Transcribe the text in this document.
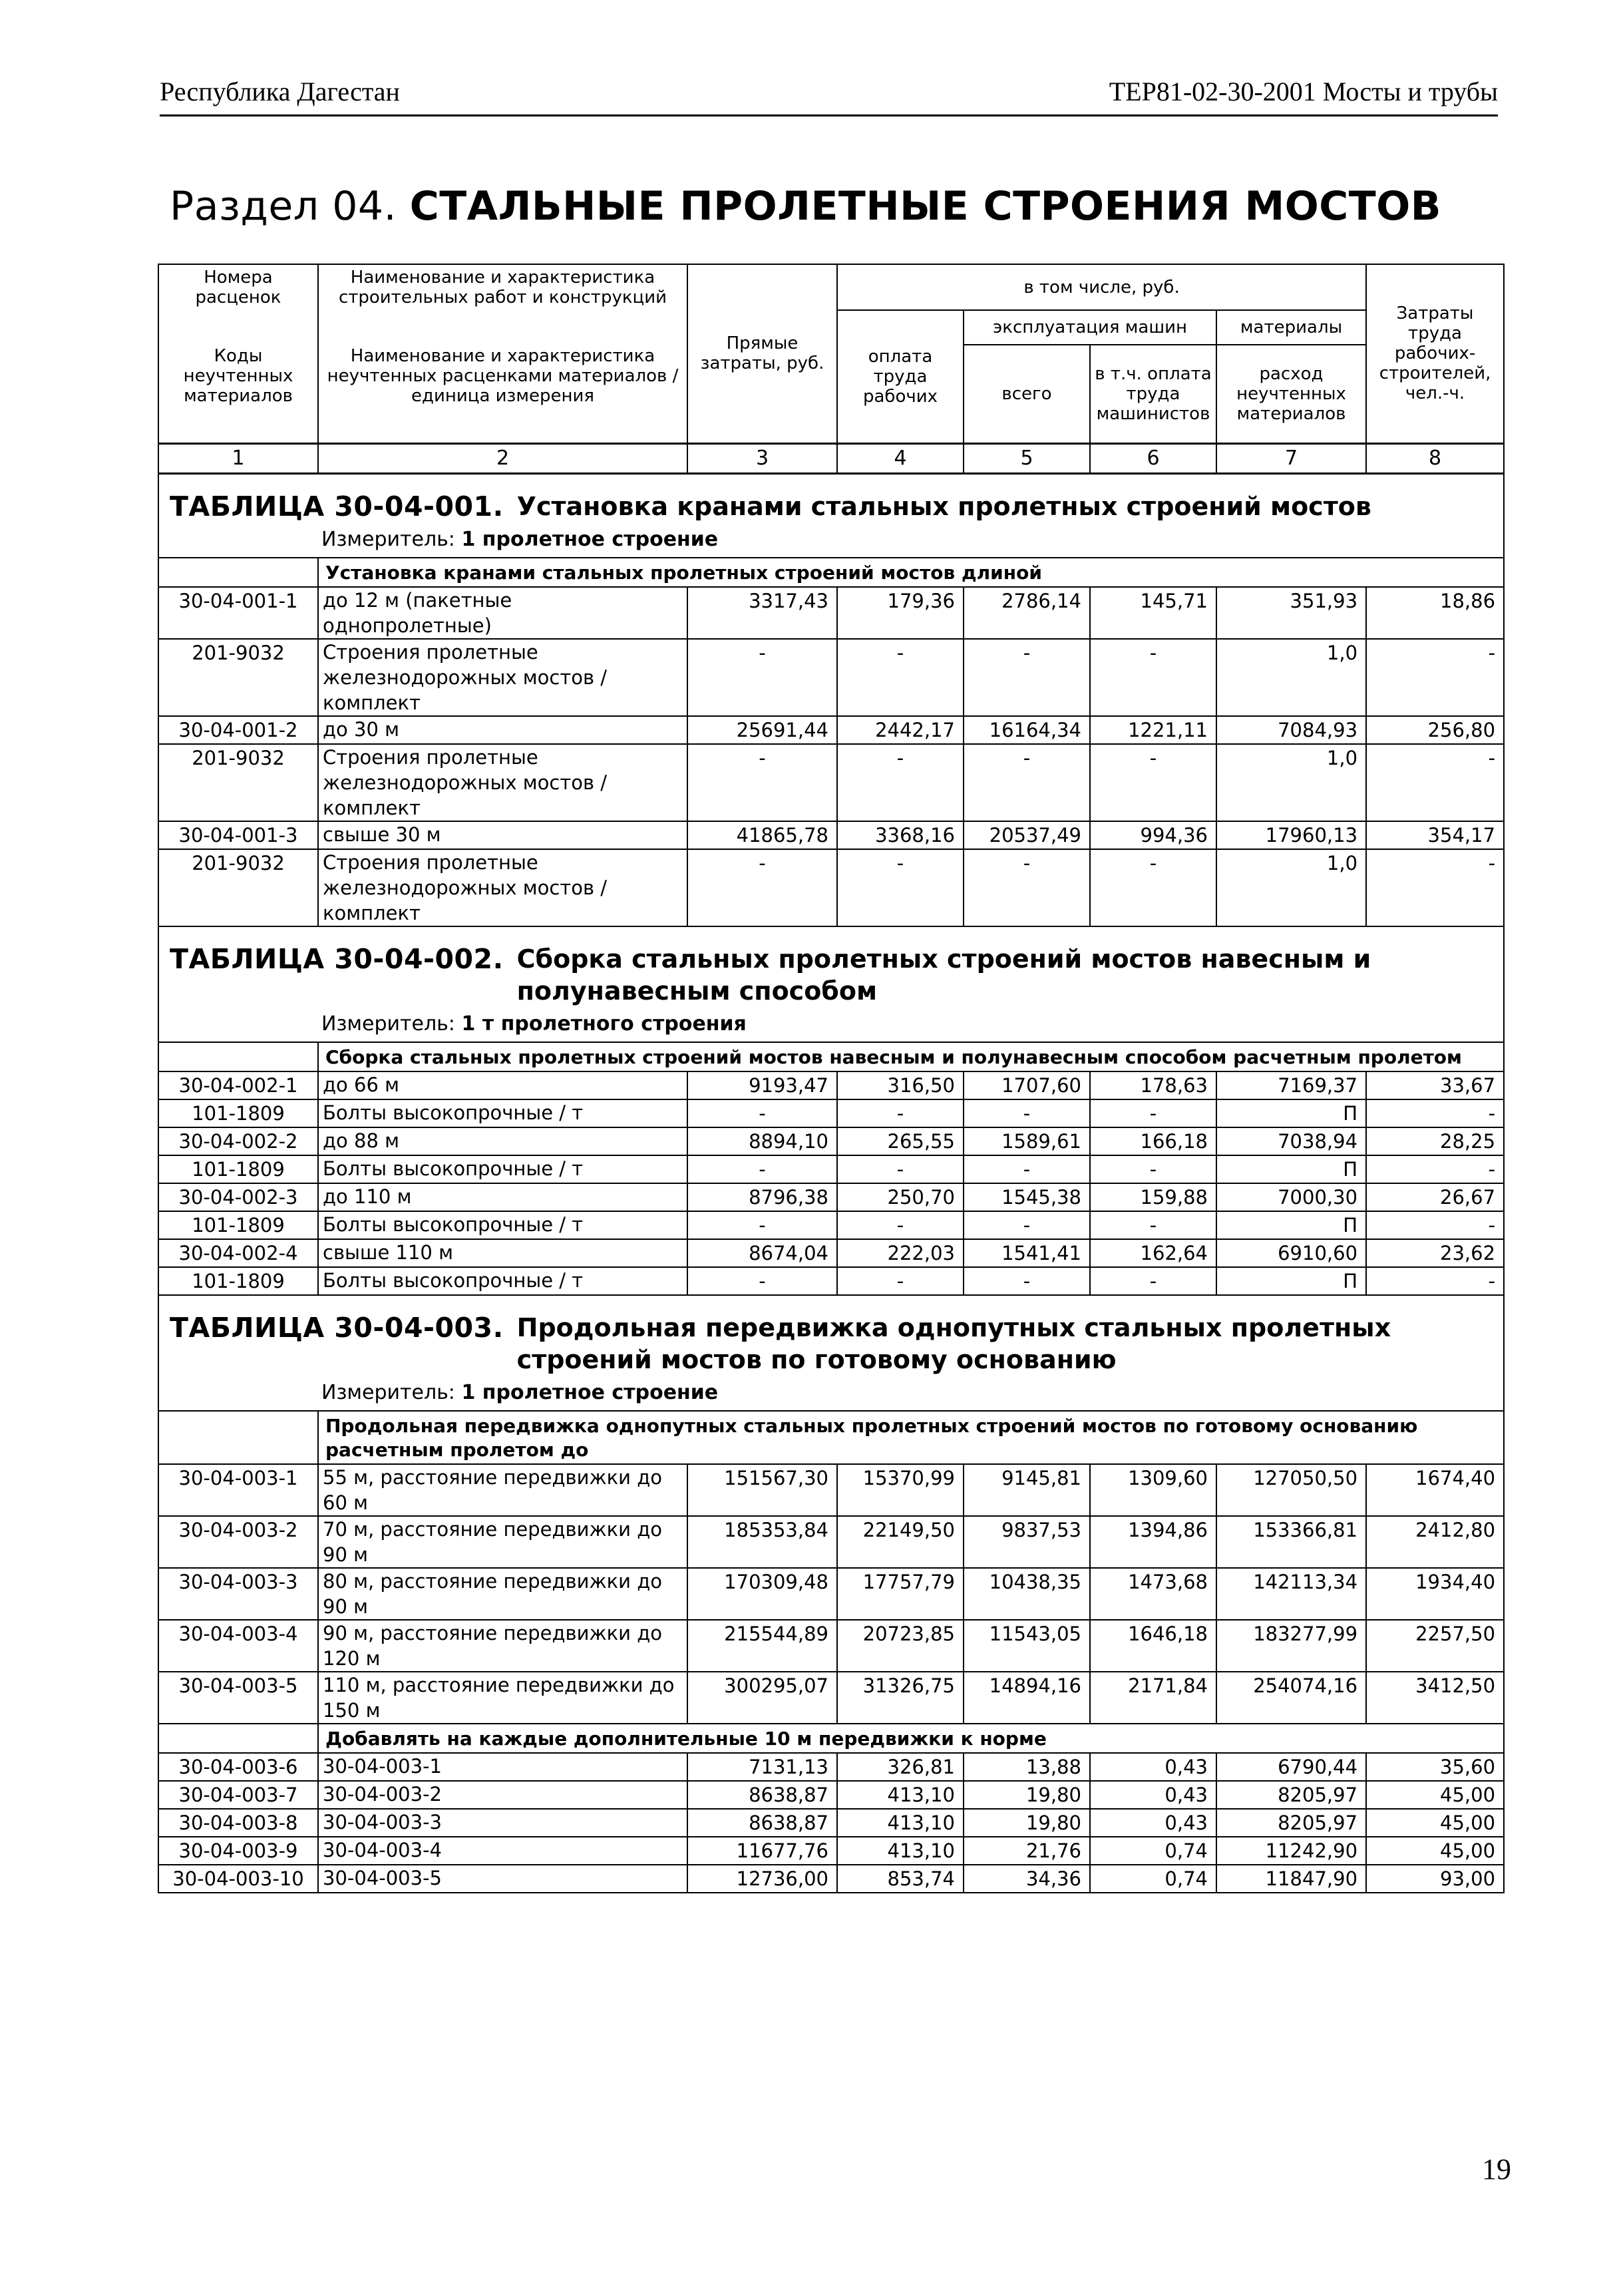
Республика Дагестан	ТЕР81-02-30-2001 Мосты и трубы
Раздел 04. СТАЛЬНЫЕ ПРОЛЕТНЫЕ СТРОЕНИЯ МОСТОВ
Номера расценок	Наименование и характеристика строительных работ и конструкций	Прямые затраты, руб.	в том числе, руб.				Затраты труда рабочих-строителей, чел.-ч.
Коды неучтенных материалов	Наименование и характеристика неучтенных расценками материалов / единица измерения		оплата труда рабочих	эксплуатация машин		материалы	
				всего	в т.ч. оплата труда машинистов	расход неучтенных материалов	
1	2	3	4	5	6	7	8

ТАБЛИЦА 30-04-001. Установка кранами стальных пролетных строений мостов							

Измеритель: 1 пролетное строение							

	Установка кранами стальных пролетных строений мостов длиной						
30-04-001-1	до 12 м (пакетные однопролетные)	3317,43	179,36	2786,14	145,71	351,93	18,86
201-9032	Строения пролетные железнодорожных мостов / комплект	-	-	-	-	1,0	-
30-04-001-2	до 30 м	25691,44	2442,17	16164,34	1221,11	7084,93	256,80
201-9032	Строения пролетные железнодорожных мостов / комплект	-	-	-	-	1,0	-
30-04-001-3	свыше 30 м	41865,78	3368,16	20537,49	994,36	17960,13	354,17
201-9032	Строения пролетные железнодорожных мостов / комплект	-	-	-	-	1,0	-

ТАБЛИЦА 30-04-002. Сборка стальных пролетных строений мостов навесным и полунавесным способом							

Измеритель: 1 т пролетного строения							

	Сборка стальных пролетных строений мостов навесным и полунавесным способом расчетным пролетом						
30-04-002-1	до 66 м	9193,47	316,50	1707,60	178,63	7169,37	33,67
101-1809	Болты высокопрочные / т	-	-	-	-	П	-
30-04-002-2	до 88 м	8894,10	265,55	1589,61	166,18	7038,94	28,25
101-1809	Болты высокопрочные / т	-	-	-	-	П	-
30-04-002-3	до 110 м	8796,38	250,70	1545,38	159,88	7000,30	26,67
101-1809	Болты высокопрочные / т	-	-	-	-	П	-
30-04-002-4	свыше 110 м	8674,04	222,03	1541,41	162,64	6910,60	23,62
101-1809	Болты высокопрочные / т	-	-	-	-	П	-

ТАБЛИЦА 30-04-003. Продольная передвижка однопутных стальных пролетных строений мостов по готовому основанию							

Измеритель: 1 пролетное строение							

	Продольная передвижка однопутных стальных пролетных строений мостов по готовому основанию расчетным пролетом до						
30-04-003-1	55 м, расстояние передвижки до 60 м	151567,30	15370,99	9145,81	1309,60	127050,50	1674,40
30-04-003-2	70 м, расстояние передвижки до 90 м	185353,84	22149,50	9837,53	1394,86	153366,81	2412,80
30-04-003-3	80 м, расстояние передвижки до 90 м	170309,48	17757,79	10438,35	1473,68	142113,34	1934,40
30-04-003-4	90 м, расстояние передвижки до 120 м	215544,89	20723,85	11543,05	1646,18	183277,99	2257,50
30-04-003-5	110 м, расстояние передвижки до 150 м	300295,07	31326,75	14894,16	2171,84	254074,16	3412,50
	Добавлять на каждые дополнительные 10 м передвижки к норме						
30-04-003-6	30-04-003-1	7131,13	326,81	13,88	0,43	6790,44	35,60
30-04-003-7	30-04-003-2	8638,87	413,10	19,80	0,43	8205,97	45,00
30-04-003-8	30-04-003-3	8638,87	413,10	19,80	0,43	8205,97	45,00
30-04-003-9	30-04-003-4	11677,76	413,10	21,76	0,74	11242,90	45,00
30-04-003-10	30-04-003-5	12736,00	853,74	34,36	0,74	11847,90	93,00
19
